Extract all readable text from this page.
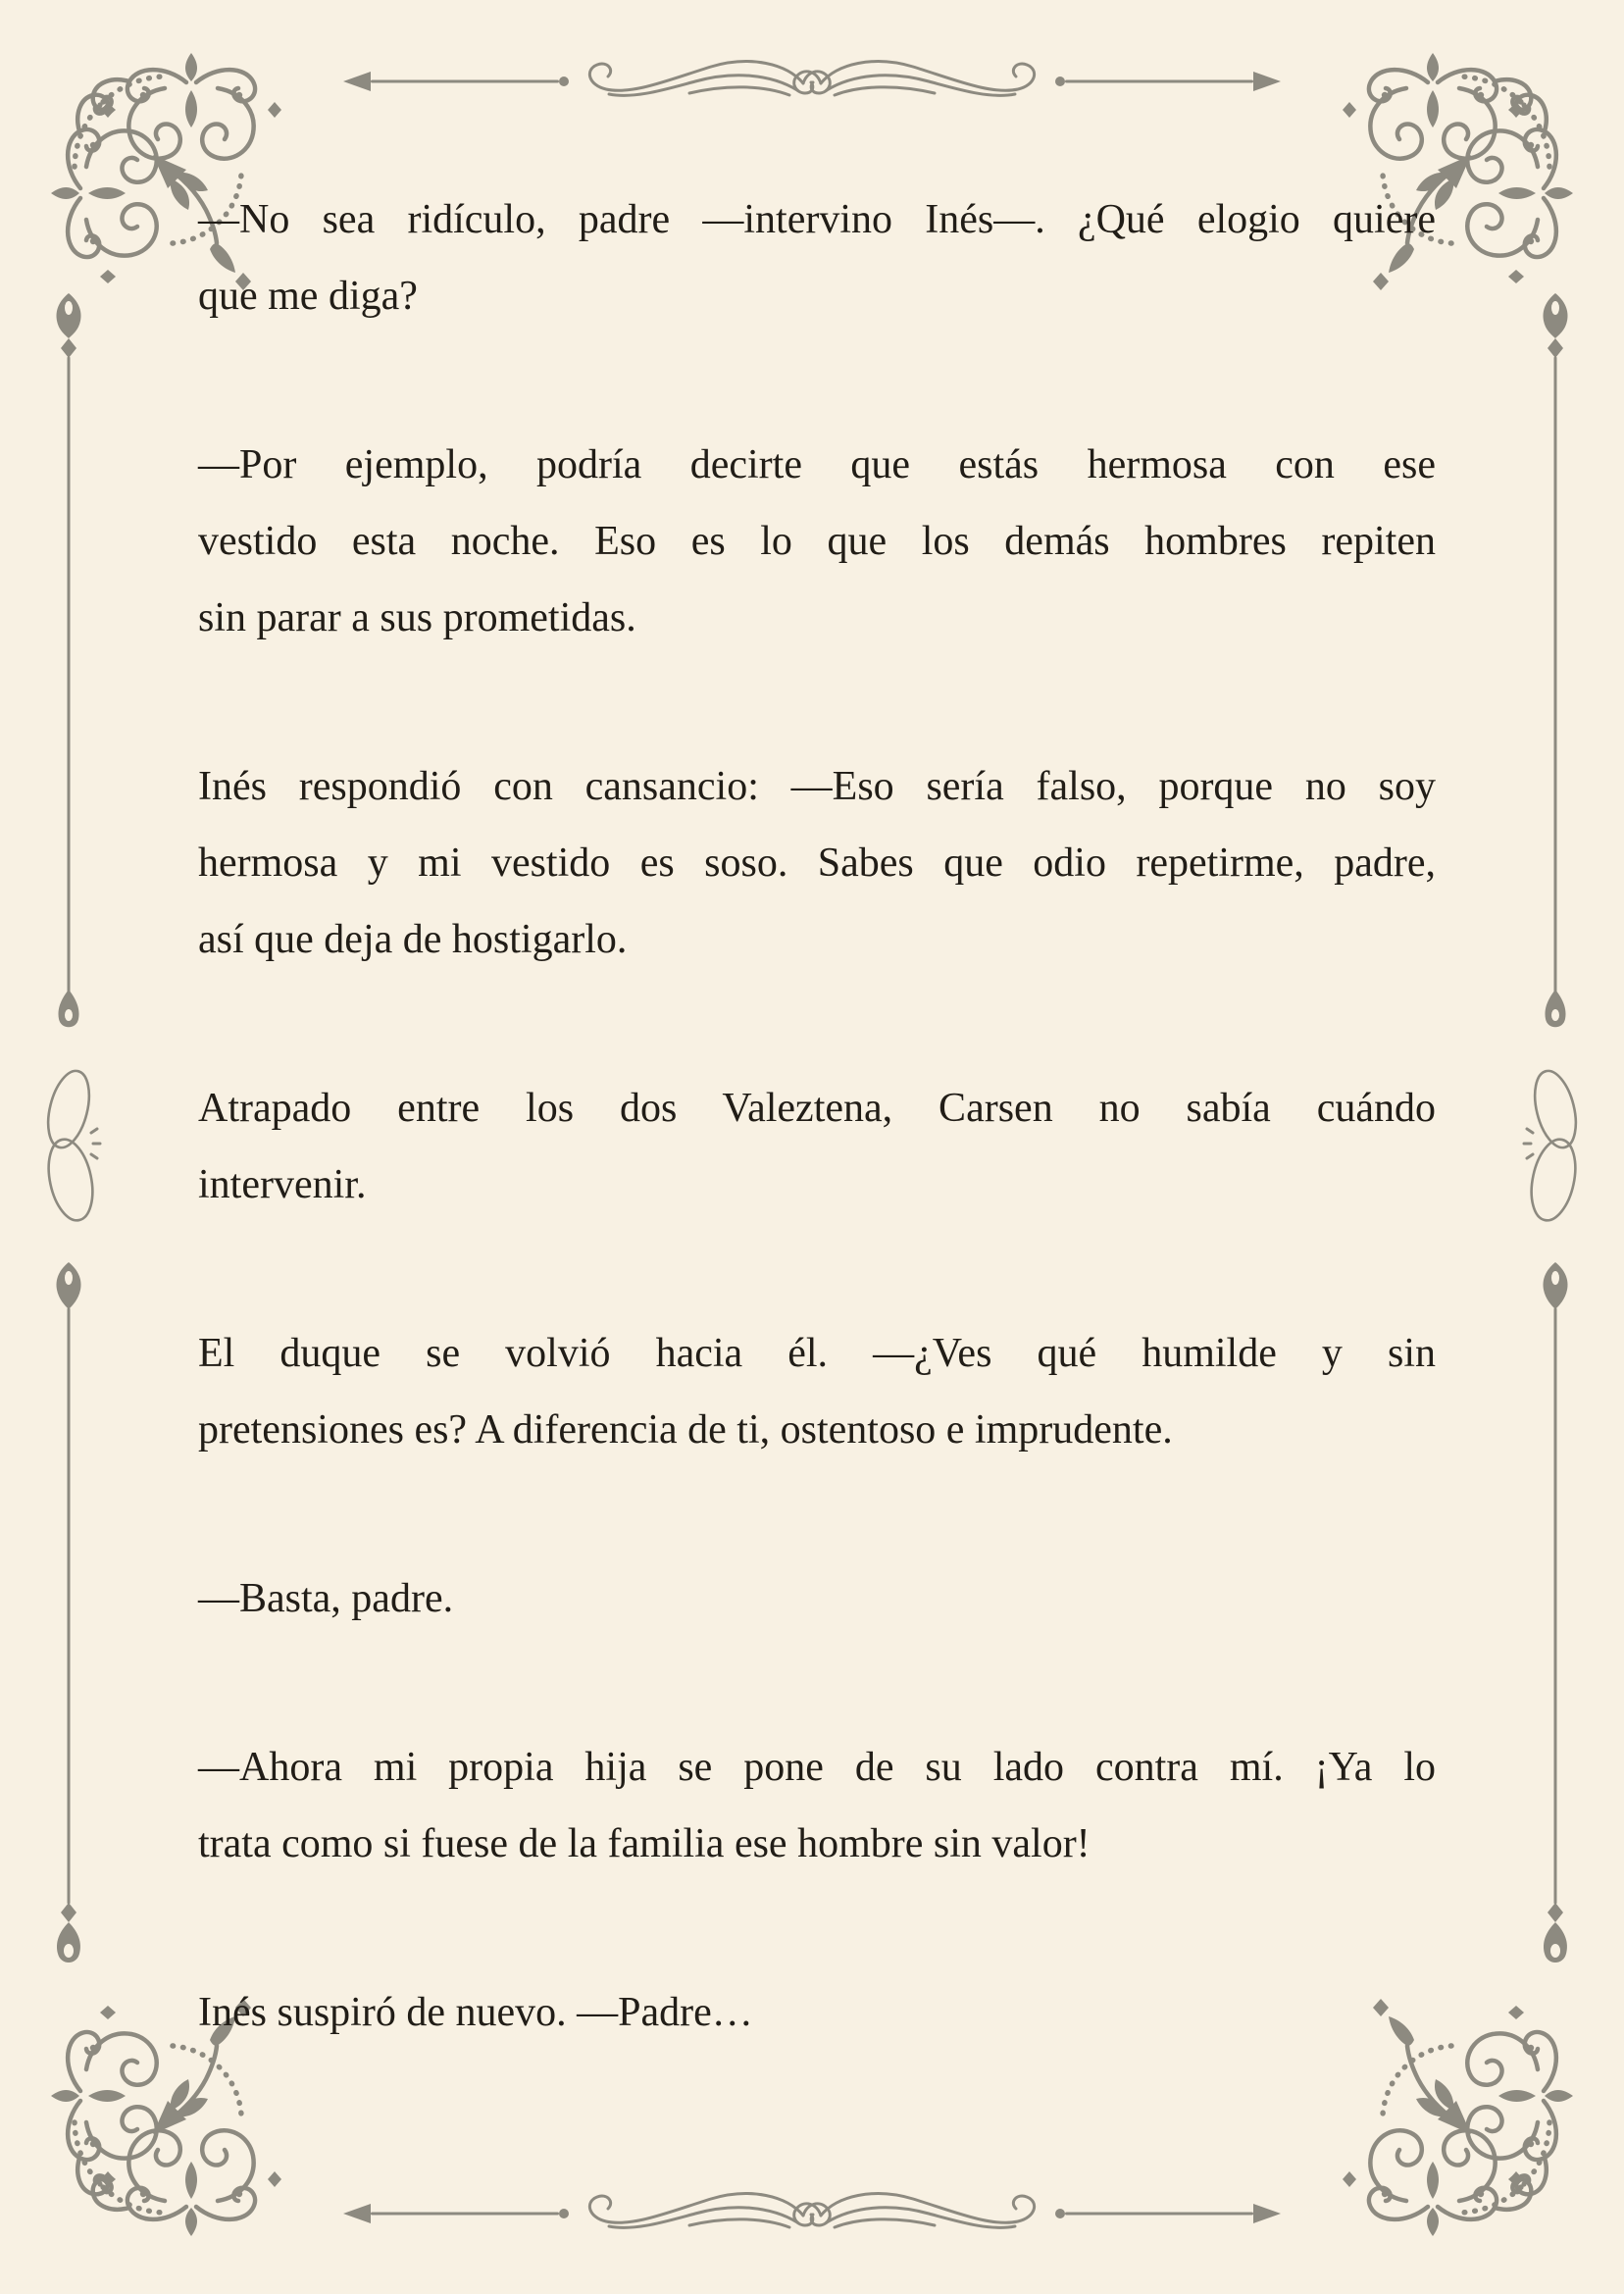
—No sea ridículo, padre —intervino Inés—. ¿Qué elogio quiere
que me diga?

—Por ejemplo, podría decirte que estás hermosa con ese
vestido esta noche. Eso es lo que los demás hombres repiten
sin parar a sus prometidas.

Inés respondió con cansancio: —Eso sería falso, porque no soy
hermosa y mi vestido es soso. Sabes que odio repetirme, padre,
así que deja de hostigarlo.

Atrapado entre los dos Valeztena, Carsen no sabía cuándo
intervenir.

El duque se volvió hacia él. —¿Ves qué humilde y sin
pretensiones es? A diferencia de ti, ostentoso e imprudente.

—Basta, padre.

—Ahora mi propia hija se pone de su lado contra mí. ¡Ya lo
trata como si fuese de la familia ese hombre sin valor!

Inés suspiró de nuevo. —Padre…
